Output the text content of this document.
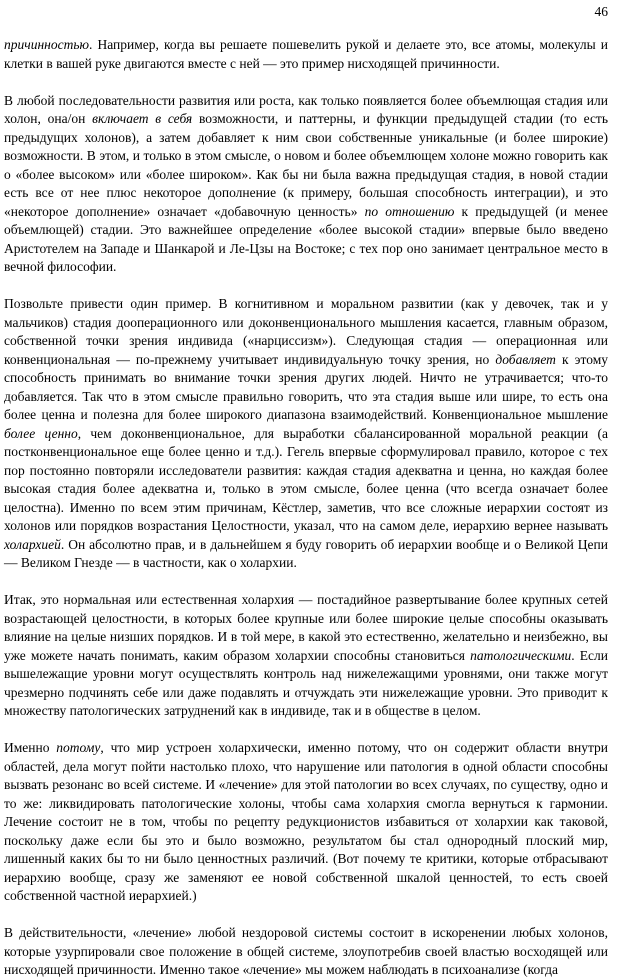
46

причинностью. Например, когда вы решаете пошевелить рукой и делаете это, все атомы, молекулы и клетки в вашей руке двигаются вместе с ней — это пример нисходящей причинности.

В любой последовательности развития или роста, как только появляется более объемлющая стадия или холон, она/он включает в себя возможности, и паттерны, и функции предыдущей стадии (то есть предыдущих холонов), а затем добавляет к ним свои собственные уникальные (и более широкие) возможности. В этом, и только в этом смысле, о новом и более объемлющем холоне можно говорить как о «более высоком» или «более широком». Как бы ни была важна предыдущая стадия, в новой стадии есть все от нее плюс некоторое дополнение (к примеру, большая способность интеграции), и это «некоторое дополнение» означает «добавочную ценность» по отношению к предыдущей (и менее объемлющей) стадии. Это важнейшее определение «более высокой стадии» впервые было введено Аристотелем на Западе и Шанкарой и Ле-Цзы на Востоке; с тех пор оно занимает центральное место в вечной философии.

Позвольте привести один пример. В когнитивном и моральном развитии (как у девочек, так и у мальчиков) стадия дооперационного или доконвенционального мышления касается, главным образом, собственной точки зрения индивида («нарциссизм»). Следующая стадия — операционная или конвенциональная — по-прежнему учитывает индивидуальную точку зрения, но добавляет к этому способность принимать во внимание точки зрения других людей. Ничто не утрачивается; что-то добавляется. Так что в этом смысле правильно говорить, что эта стадия выше или шире, то есть она более ценна и полезна для более широкого диапазона взаимодействий. Конвенциональное мышление более ценно, чем доконвенциональное, для выработки сбалансированной моральной реакции (а постконвенциональное еще более ценно и т.д.). Гегель впервые сформулировал правило, которое с тех пор постоянно повторяли исследователи развития: каждая стадия адекватна и ценна, но каждая более высокая стадия более адекватна и, только в этом смысле, более ценна (что всегда означает более целостна). Именно по всем этим причинам, Кёстлер, заметив, что все сложные иерархии состоят из холонов или порядков возрастания Целостности, указал, что на самом деле, иерархию вернее называть холархией. Он абсолютно прав, и в дальнейшем я буду говорить об иерархии вообще и о Великой Цепи — Великом Гнезде — в частности, как о холархии.

Итак, это нормальная или естественная холархия — постадийное развертывание более крупных сетей возрастающей целостности, в которых более крупные или более широкие целые способны оказывать влияние на целые низших порядков. И в той мере, в какой это естественно, желательно и неизбежно, вы уже можете начать понимать, каким образом холархии способны становиться патологическими. Если вышележащие уровни могут осуществлять контроль над нижележащими уровнями, они также могут чрезмерно подчинять себе или даже подавлять и отчуждать эти нижележащие уровни. Это приводит к множеству патологических затруднений как в индивиде, так и в обществе в целом.

Именно потому, что мир устроен холархически, именно потому, что он содержит области внутри областей, дела могут пойти настолько плохо, что нарушение или патология в одной области способны вызвать резонанс во всей системе. И «лечение» для этой патологии во всех случаях, по существу, одно и то же: ликвидировать патологические холоны, чтобы сама холархия смогла вернуться к гармонии. Лечение состоит не в том, чтобы по рецепту редукционистов избавиться от холархии как таковой, поскольку даже если бы это и было возможно, результатом бы стал однородный плоский мир, лишенный каких бы то ни было ценностных различий. (Вот почему те критики, которые отбрасывают иерархию вообще, сразу же заменяют ее новой собственной шкалой ценностей, то есть своей собственной частной иерархией.)

В действительности, «лечение» любой нездоровой системы состоит в искоренении любых холонов, которые узурпировали свое положение в общей системе, злоупотребив своей властью восходящей или нисходящей причинности. Именно такое «лечение» мы можем наблюдать в психоанализе (когда
